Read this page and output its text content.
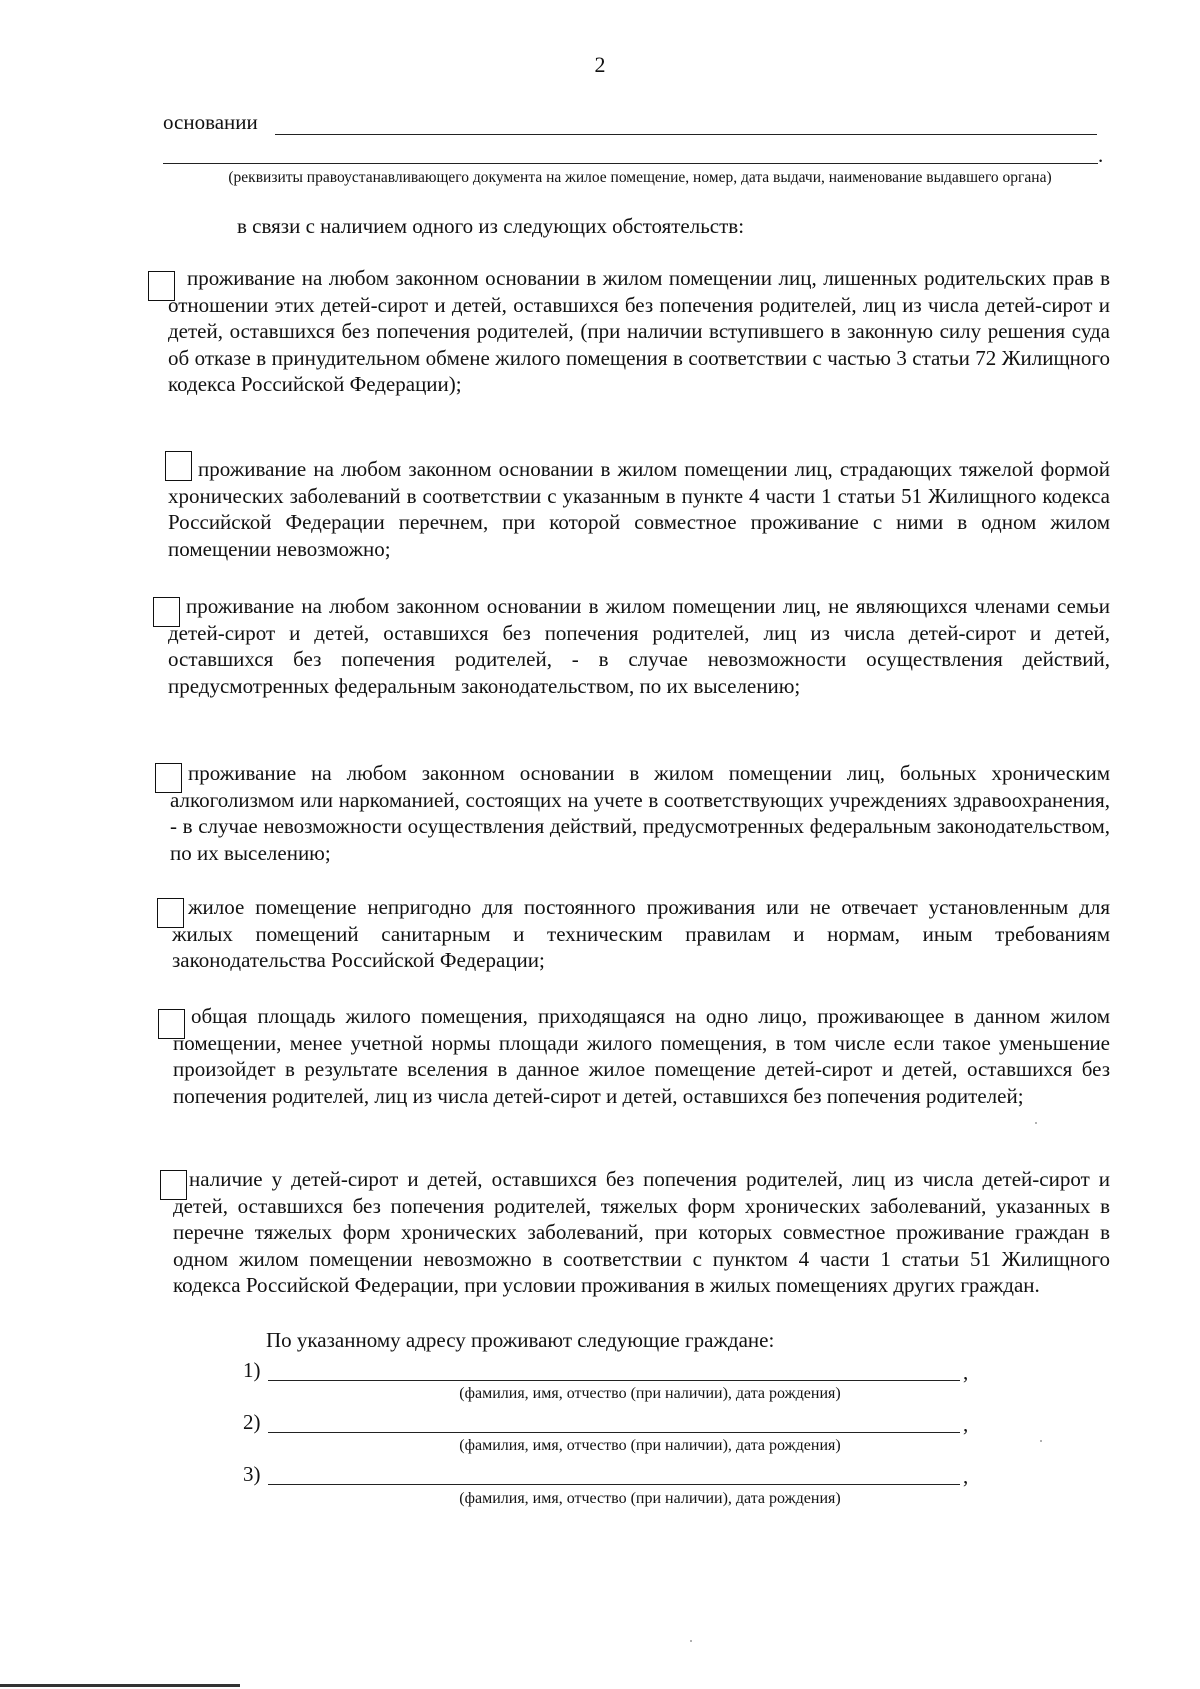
2
основании
.
(реквизиты правоустанавливающего документа на жилое помещение, номер, дата выдачи, наименование выдавшего органа)
в связи с наличием одного из следующих обстоятельств:

проживание на любом законном основании в жилом помещении лиц, лишенных родительских прав в отношении этих детей-сирот и детей, оставшихся без попечения родителей, лиц из числа детей-сирот и детей, оставшихся без попечения родителей, (при наличии вступившего в законную силу решения суда об отказе в принудительном обмене жилого помещения в соответствии с частью 3 статьи 72 Жилищного кодекса Российской Федерации);

проживание на любом законном основании в жилом помещении лиц, страдающих тяжелой формой хронических заболеваний в соответствии с указанным в пункте 4 части 1 статьи 51 Жилищного кодекса Российской Федерации перечнем, при которой совместное проживание с ними в одном жилом помещении невозможно;

проживание на любом законном основании в жилом помещении лиц, не являющихся членами семьи детей-сирот и детей, оставшихся без попечения родителей, лиц из числа детей-сирот и детей, оставшихся без попечения родителей, - в случае невозможности осуществления действий, предусмотренных федеральным законодательством, по их выселению;

проживание на любом законном основании в жилом помещении лиц, больных хроническим алкоголизмом или наркоманией, состоящих на учете в соответствующих учреждениях здравоохранения, - в случае невозможности осуществления действий, предусмотренных федеральным законодательством, по их выселению;

жилое помещение непригодно для постоянного проживания или не отвечает установленным для жилых помещений санитарным и техническим правилам и нормам, иным требованиям законодательства Российской Федерации;

общая площадь жилого помещения, приходящаяся на одно лицо, проживающее в данном жилом помещении, менее учетной нормы площади жилого помещения, в том числе если такое уменьшение произойдет в результате вселения в данное жилое помещение детей-сирот и детей, оставшихся без попечения родителей, лиц из числа детей-сирот и детей, оставшихся без попечения родителей;

наличие у детей-сирот и детей, оставшихся без попечения родителей, лиц из числа детей-сирот и детей, оставшихся без попечения родителей, тяжелых форм хронических заболеваний, указанных в перечне тяжелых форм хронических заболеваний, при которых совместное проживание граждан в одном жилом помещении невозможно в соответствии с пунктом 4 части 1 статьи 51 Жилищного кодекса Российской Федерации, при условии проживания в жилых помещениях других граждан.

По указанному адресу проживают следующие граждане:
1)	,
(фамилия, имя, отчество (при наличии), дата рождения)
2)	,
(фамилия, имя, отчество (при наличии), дата рождения)
3)	,
(фамилия, имя, отчество (при наличии), дата рождения)
